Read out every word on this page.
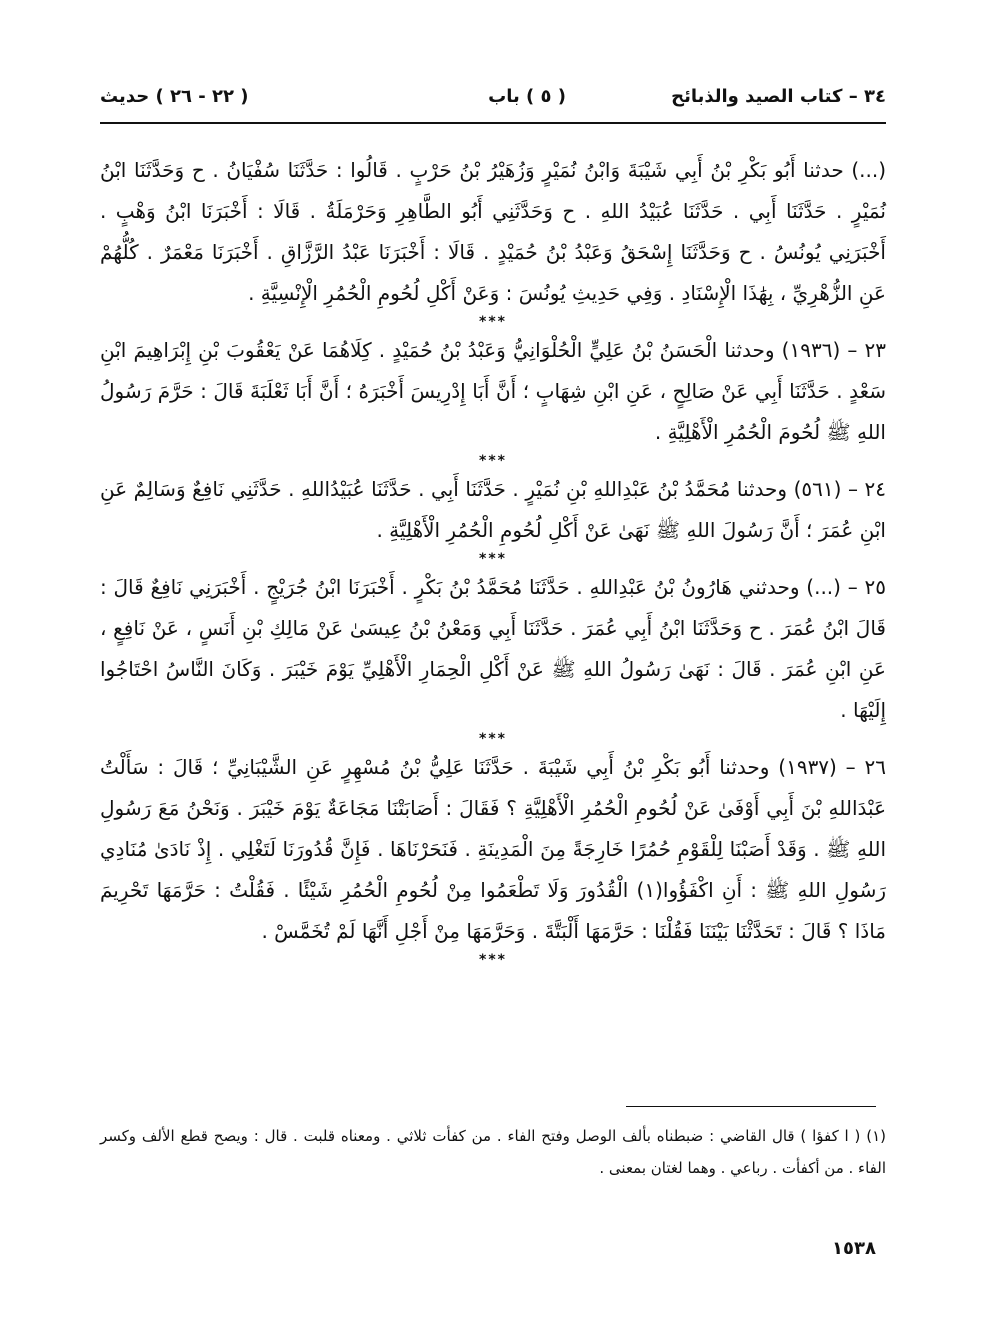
٣٤ – كتاب الصيد والذبائح
( ٥ ) باب
( ٢٢ - ٢٦ ) حديث

(...) حدثنا أَبُو بَكْرِ بْنُ أَبِي شَيْبَةَ وَابْنُ نُمَيْرٍ وَزُهَيْرُ بْنُ حَرْبٍ . قَالُوا : حَدَّثَنَا سُفْيَانُ . ح وَحَدَّثَنَا ابْنُ نُمَيْرٍ . حَدَّثَنَا أَبِي . حَدَّثَنَا عُبَيْدُ اللهِ . ح وَحَدَّثَنِي أَبُو الطَّاهِرِ وَحَرْمَلَةُ . قَالَا : أَخْبَرَنَا ابْنُ وَهْبٍ . أَخْبَرَنِي يُونُسُ . ح وَحَدَّثَنَا إِسْحَقُ وَعَبْدُ بْنُ حُمَيْدٍ . قَالَا : أَخْبَرَنَا عَبْدُ الرَّزَّاقِ . أَخْبَرَنَا مَعْمَرٌ . كُلُّهُمْ عَنِ الزُّهْرِيِّ ، بِهَٰذَا الْإِسْنَادِ . وَفِي حَدِيثِ يُونُسَ : وَعَنْ أَكْلِ لُحُومِ الْحُمُرِ الْإِنْسِيَّةِ .

***

٢٣ – (١٩٣٦) وحدثنا الْحَسَنُ بْنُ عَلِيٍّ الْحُلْوَانِيُّ وَعَبْدُ بْنُ حُمَيْدٍ . كِلَاهُمَا عَنْ يَعْقُوبَ بْنِ إِبْرَاهِيمَ ابْنِ سَعْدٍ . حَدَّثَنَا أَبِي عَنْ صَالِحٍ ، عَنِ ابْنِ شِهَابٍ ؛ أَنَّ أَبَا إِدْرِيسَ أَخْبَرَهُ ؛ أَنَّ أَبَا ثَعْلَبَةَ قَالَ : حَرَّمَ رَسُولُ اللهِ ﷺ لُحُومَ الْحُمُرِ الْأَهْلِيَّةِ .

***

٢٤ – (٥٦١) وحدثنا مُحَمَّدُ بْنُ عَبْدِاللهِ بْنِ نُمَيْرٍ . حَدَّثَنَا أَبِي . حَدَّثَنَا عُبَيْدُاللهِ . حَدَّثَنِي نَافِعٌ وَسَالِمٌ عَنِ ابْنِ عُمَرَ ؛ أَنَّ رَسُولَ اللهِ ﷺ نَهَىٰ عَنْ أَكْلِ لُحُومِ الْحُمُرِ الْأَهْلِيَّةِ .

***

٢٥ – (...) وحدثني هَارُونُ بْنُ عَبْدِاللهِ . حَدَّثَنَا مُحَمَّدُ بْنُ بَكْرٍ . أَخْبَرَنَا ابْنُ جُرَيْجٍ . أَخْبَرَنِي نَافِعٌ قَالَ : قَالَ ابْنُ عُمَرَ . ح وَحَدَّثَنَا ابْنُ أَبِي عُمَرَ . حَدَّثَنَا أَبِي وَمَعْنُ بْنُ عِيسَىٰ عَنْ مَالِكِ بْنِ أَنَسٍ ، عَنْ نَافِعٍ ، عَنِ ابْنِ عُمَرَ . قَالَ : نَهَىٰ رَسُولُ اللهِ ﷺ عَنْ أَكْلِ الْحِمَارِ الْأَهْلِيِّ يَوْمَ خَيْبَرَ . وَكَانَ النَّاسُ احْتَاجُوا إِلَيْهَا .

***

٢٦ – (١٩٣٧) وحدثنا أَبُو بَكْرِ بْنُ أَبِي شَيْبَةَ . حَدَّثَنَا عَلِيُّ بْنُ مُسْهِرٍ عَنِ الشَّيْبَانِيِّ ؛ قَالَ : سَأَلْتُ عَبْدَاللهِ بْنَ أَبِي أَوْفَىٰ عَنْ لُحُومِ الْحُمُرِ الْأَهْلِيَّةِ ؟ فَقَالَ : أَصَابَتْنَا مَجَاعَةٌ يَوْمَ خَيْبَرَ . وَنَحْنُ مَعَ رَسُولِ اللهِ ﷺ . وَقَدْ أَصَبْنَا لِلْقَوْمِ حُمُرًا خَارِجَةً مِنَ الْمَدِينَةِ . فَنَحَرْنَاهَا . فَإِنَّ قُدُورَنَا لَتَغْلِي . إِذْ نَادَىٰ مُنَادِي رَسُولِ اللهِ ﷺ : أَنِ اكْفَؤُوا(١) الْقُدُورَ وَلَا تَطْعَمُوا مِنْ لُحُومِ الْحُمُرِ شَيْئًا . فَقُلْتُ : حَرَّمَهَا تَحْرِيمَ مَاذَا ؟ قَالَ : تَحَدَّثْنَا بَيْنَنَا فَقُلْنَا : حَرَّمَهَا أَلْبَتَّةَ . وَحَرَّمَهَا مِنْ أَجْلِ أَنَّهَا لَمْ تُخَمَّسْ .

***

(١) ( ا كفؤا ) قال القاضي : ضبطناه بألف الوصل وفتح الفاء . من كفأت ثلاثي . ومعناه قلبت . قال : ويصح قطع الألف وكسر الفاء . من أكفأت . رباعي . وهما لغتان بمعنى .

١٥٣٨
